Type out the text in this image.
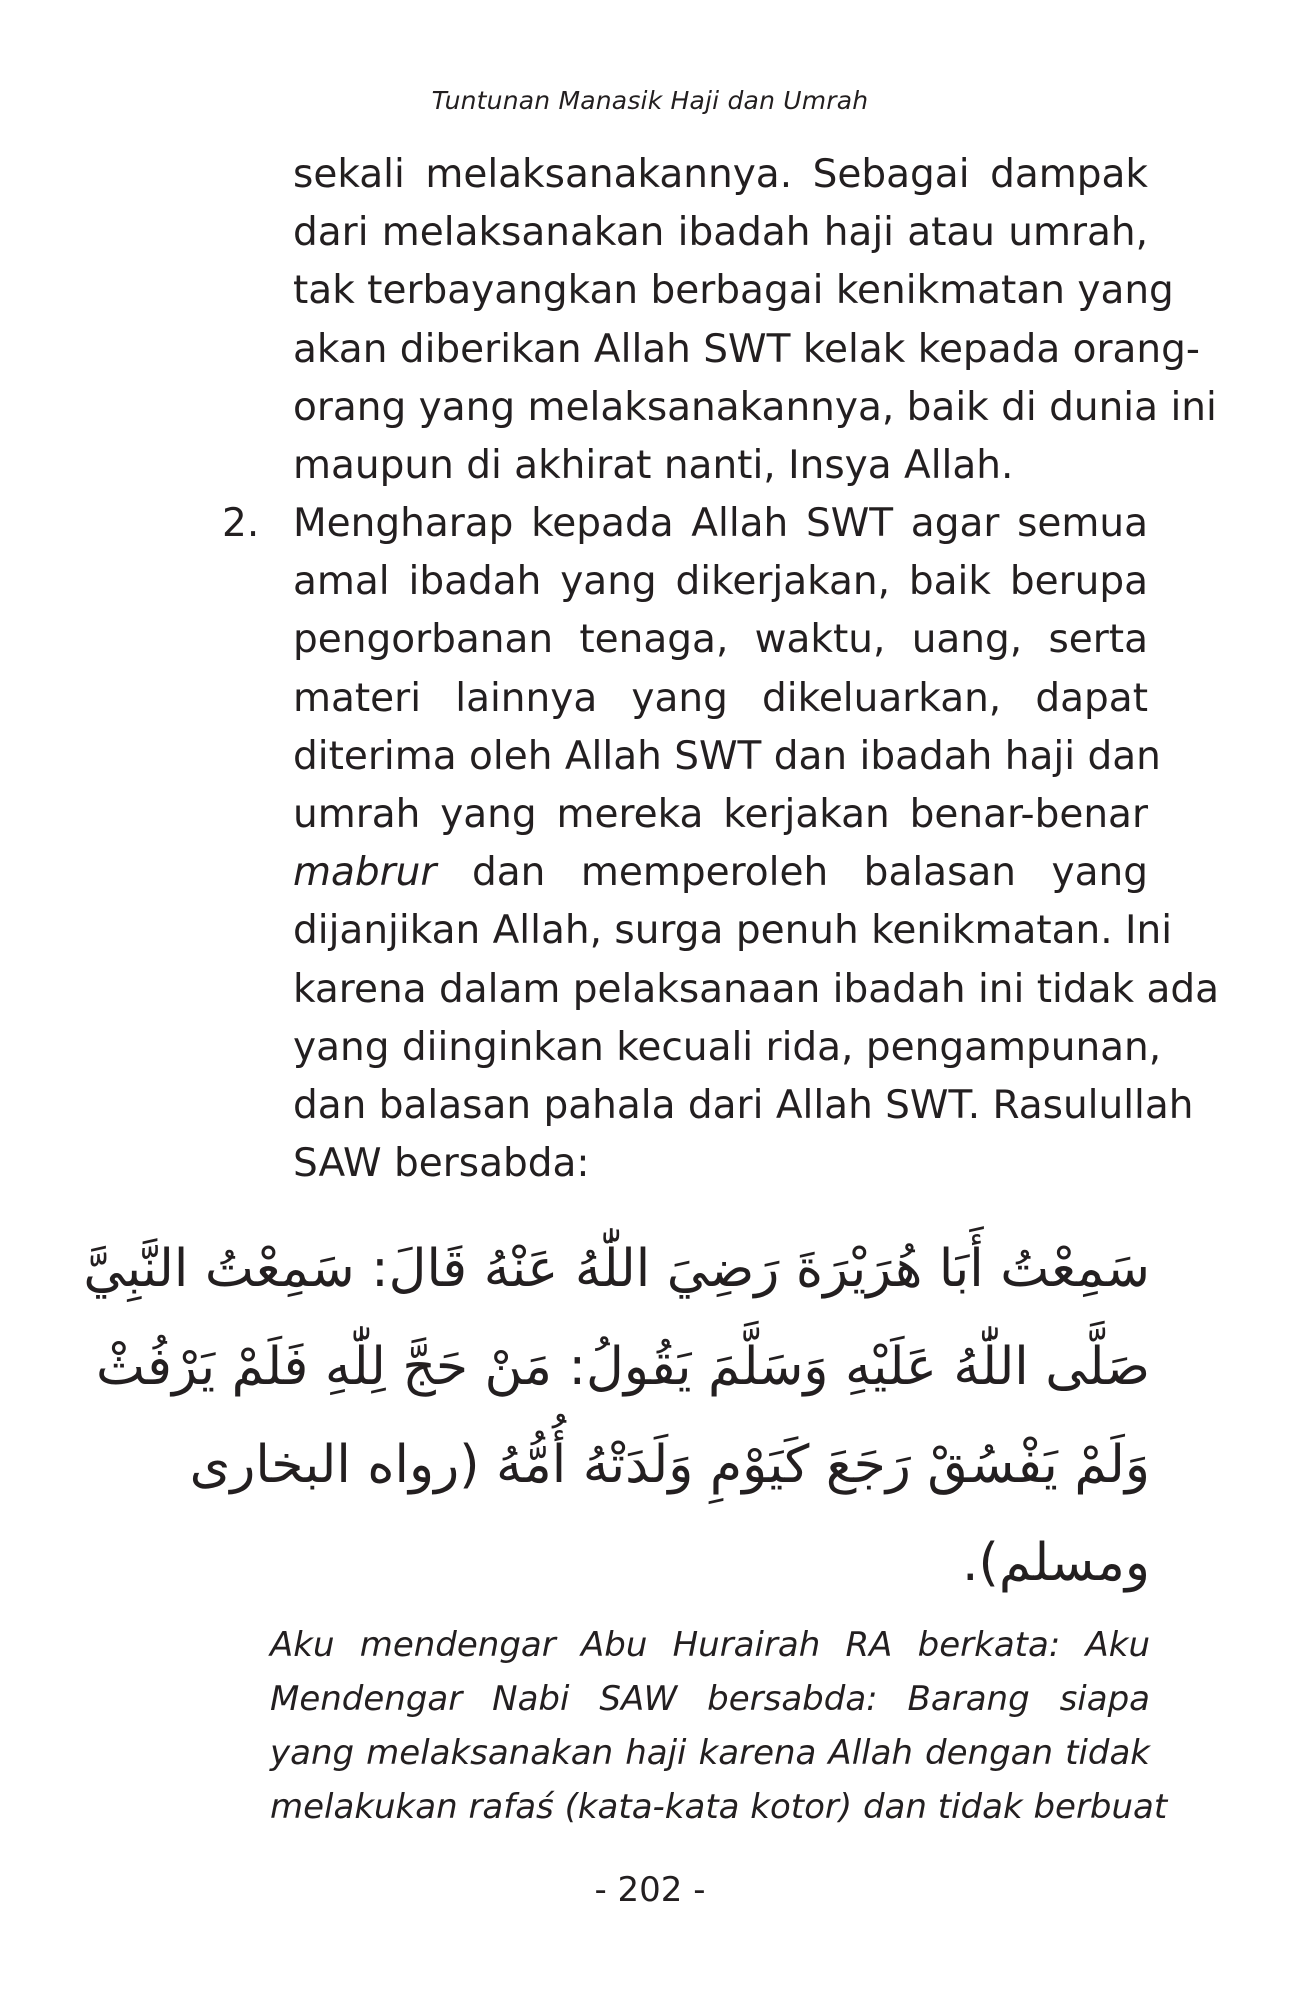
Tuntunan Manasik Haji dan Umrah
sekali melaksanakannya. Sebagai dampak
dari melaksanakan ibadah haji atau umrah,
tak terbayangkan berbagai kenikmatan yang
akan diberikan Allah SWT kelak kepada orang-
orang yang melaksanakannya, baik di dunia ini
maupun di akhirat nanti, Insya Allah.
2. Mengharap kepada Allah SWT agar semua
amal ibadah yang dikerjakan, baik berupa
pengorbanan tenaga, waktu, uang, serta
materi lainnya yang dikeluarkan, dapat
diterima oleh Allah SWT dan ibadah haji dan
umrah yang mereka kerjakan benar-benar
mabrur dan memperoleh balasan yang
dijanjikan Allah, surga penuh kenikmatan. Ini
karena dalam pelaksanaan ibadah ini tidak ada
yang diinginkan kecuali rida, pengampunan,
dan balasan pahala dari Allah SWT. Rasulullah
SAW bersabda:
سَمِعْتُ أَبَا هُرَيْرَةَ رَضِيَ اللّٰهُ عَنْهُ قَالَ: سَمِعْتُ النَّبِيَّ
صَلَّى اللّٰهُ عَلَيْهِ وَسَلَّمَ يَقُولُ: مَنْ حَجَّ لِلّٰهِ فَلَمْ يَرْفُثْ
وَلَمْ يَفْسُقْ رَجَعَ كَيَوْمِ وَلَدَتْهُ أُمُّهُ (رواه البخارى
ومسلم).
Aku mendengar Abu Hurairah RA berkata: Aku
Mendengar Nabi SAW bersabda: Barang siapa
yang melaksanakan haji karena Allah dengan tidak
melakukan rafaś (kata-kata kotor) dan tidak berbuat
- 202 -
